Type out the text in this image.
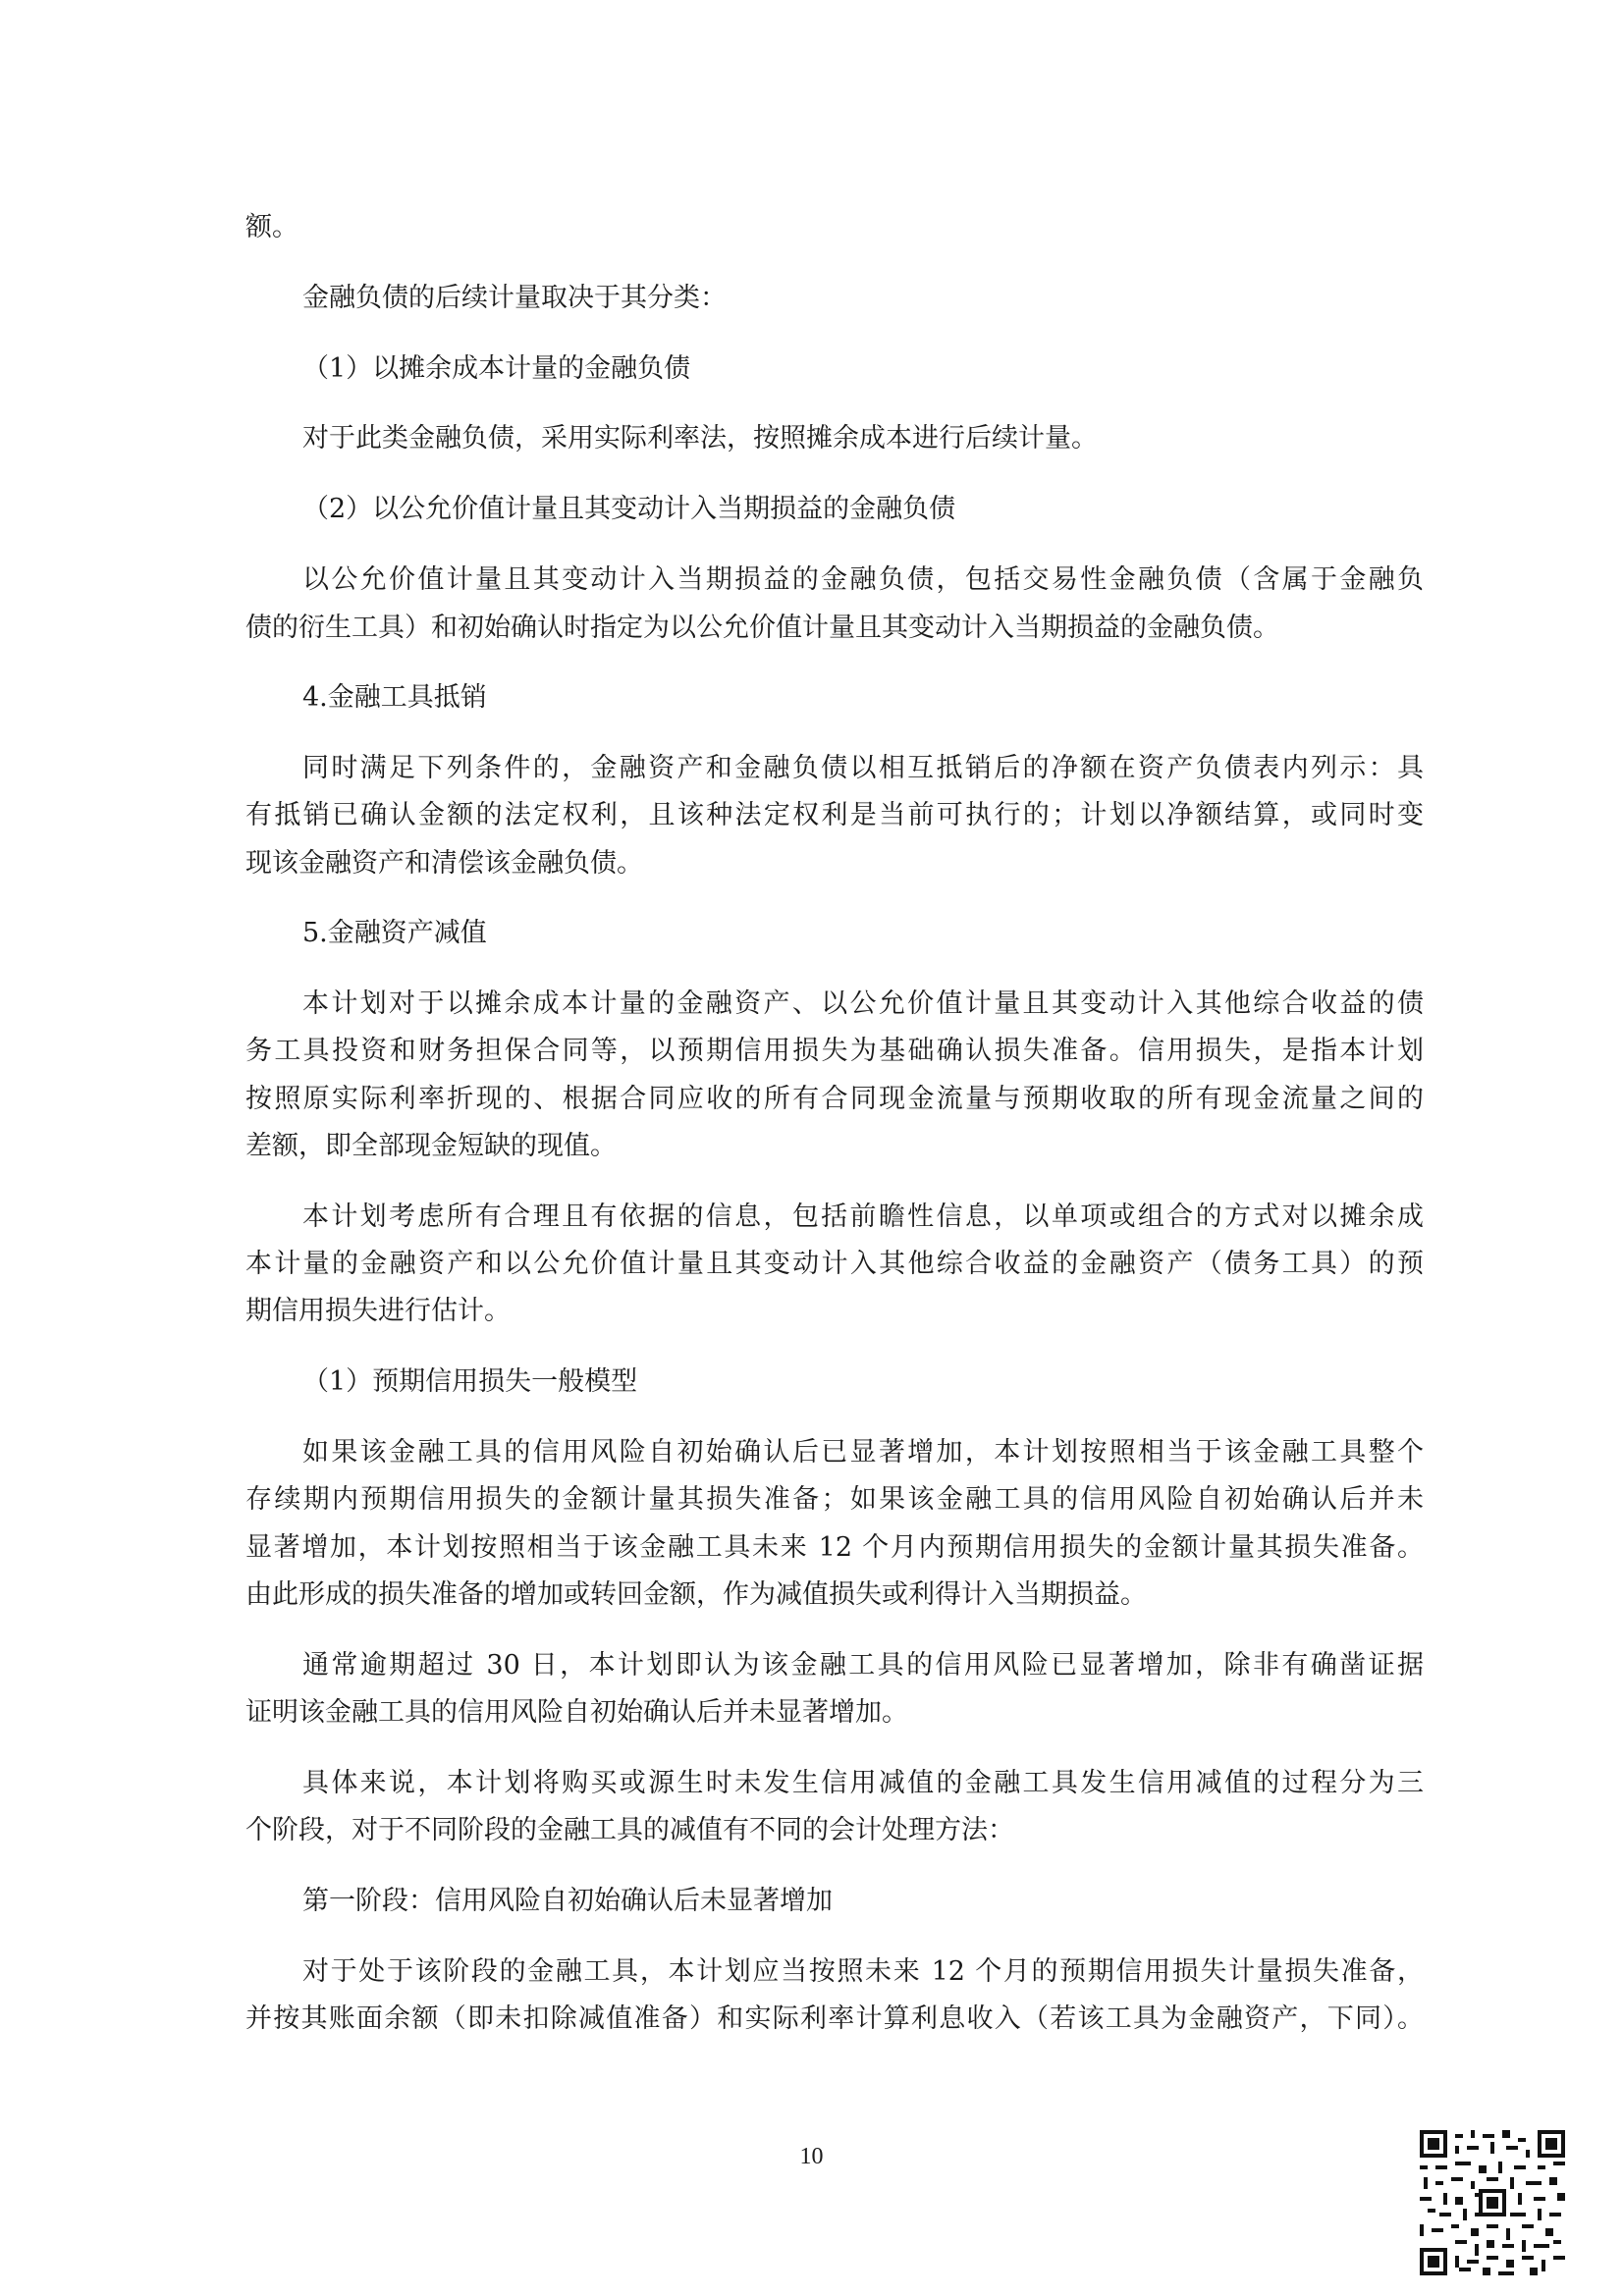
额。
金融负债的后续计量取决于其分类：
（1）以摊余成本计量的金融负债
对于此类金融负债，采用实际利率法，按照摊余成本进行后续计量。
（2）以公允价值计量且其变动计入当期损益的金融负债
以公允价值计量且其变动计入当期损益的金融负债，包括交易性金融负债（含属于金融负
债的衍生工具）和初始确认时指定为以公允价值计量且其变动计入当期损益的金融负债。
4.金融工具抵销
同时满足下列条件的，金融资产和金融负债以相互抵销后的净额在资产负债表内列示：具
有抵销已确认金额的法定权利，且该种法定权利是当前可执行的；计划以净额结算，或同时变
现该金融资产和清偿该金融负债。
5.金融资产减值
本计划对于以摊余成本计量的金融资产、以公允价值计量且其变动计入其他综合收益的债
务工具投资和财务担保合同等，以预期信用损失为基础确认损失准备。信用损失，是指本计划
按照原实际利率折现的、根据合同应收的所有合同现金流量与预期收取的所有现金流量之间的
差额，即全部现金短缺的现值。
本计划考虑所有合理且有依据的信息，包括前瞻性信息，以单项或组合的方式对以摊余成
本计量的金融资产和以公允价值计量且其变动计入其他综合收益的金融资产（债务工具）的预
期信用损失进行估计。
（1）预期信用损失一般模型
如果该金融工具的信用风险自初始确认后已显著增加，本计划按照相当于该金融工具整个
存续期内预期信用损失的金额计量其损失准备；如果该金融工具的信用风险自初始确认后并未
显著增加，本计划按照相当于该金融工具未来 12 个月内预期信用损失的金额计量其损失准备。
由此形成的损失准备的增加或转回金额，作为减值损失或利得计入当期损益。
通常逾期超过 30 日，本计划即认为该金融工具的信用风险已显著增加，除非有确凿证据
证明该金融工具的信用风险自初始确认后并未显著增加。
具体来说，本计划将购买或源生时未发生信用减值的金融工具发生信用减值的过程分为三
个阶段，对于不同阶段的金融工具的减值有不同的会计处理方法：
第一阶段：信用风险自初始确认后未显著增加
对于处于该阶段的金融工具，本计划应当按照未来 12 个月的预期信用损失计量损失准备，
并按其账面余额（即未扣除减值准备）和实际利率计算利息收入（若该工具为金融资产，下同）。
10
